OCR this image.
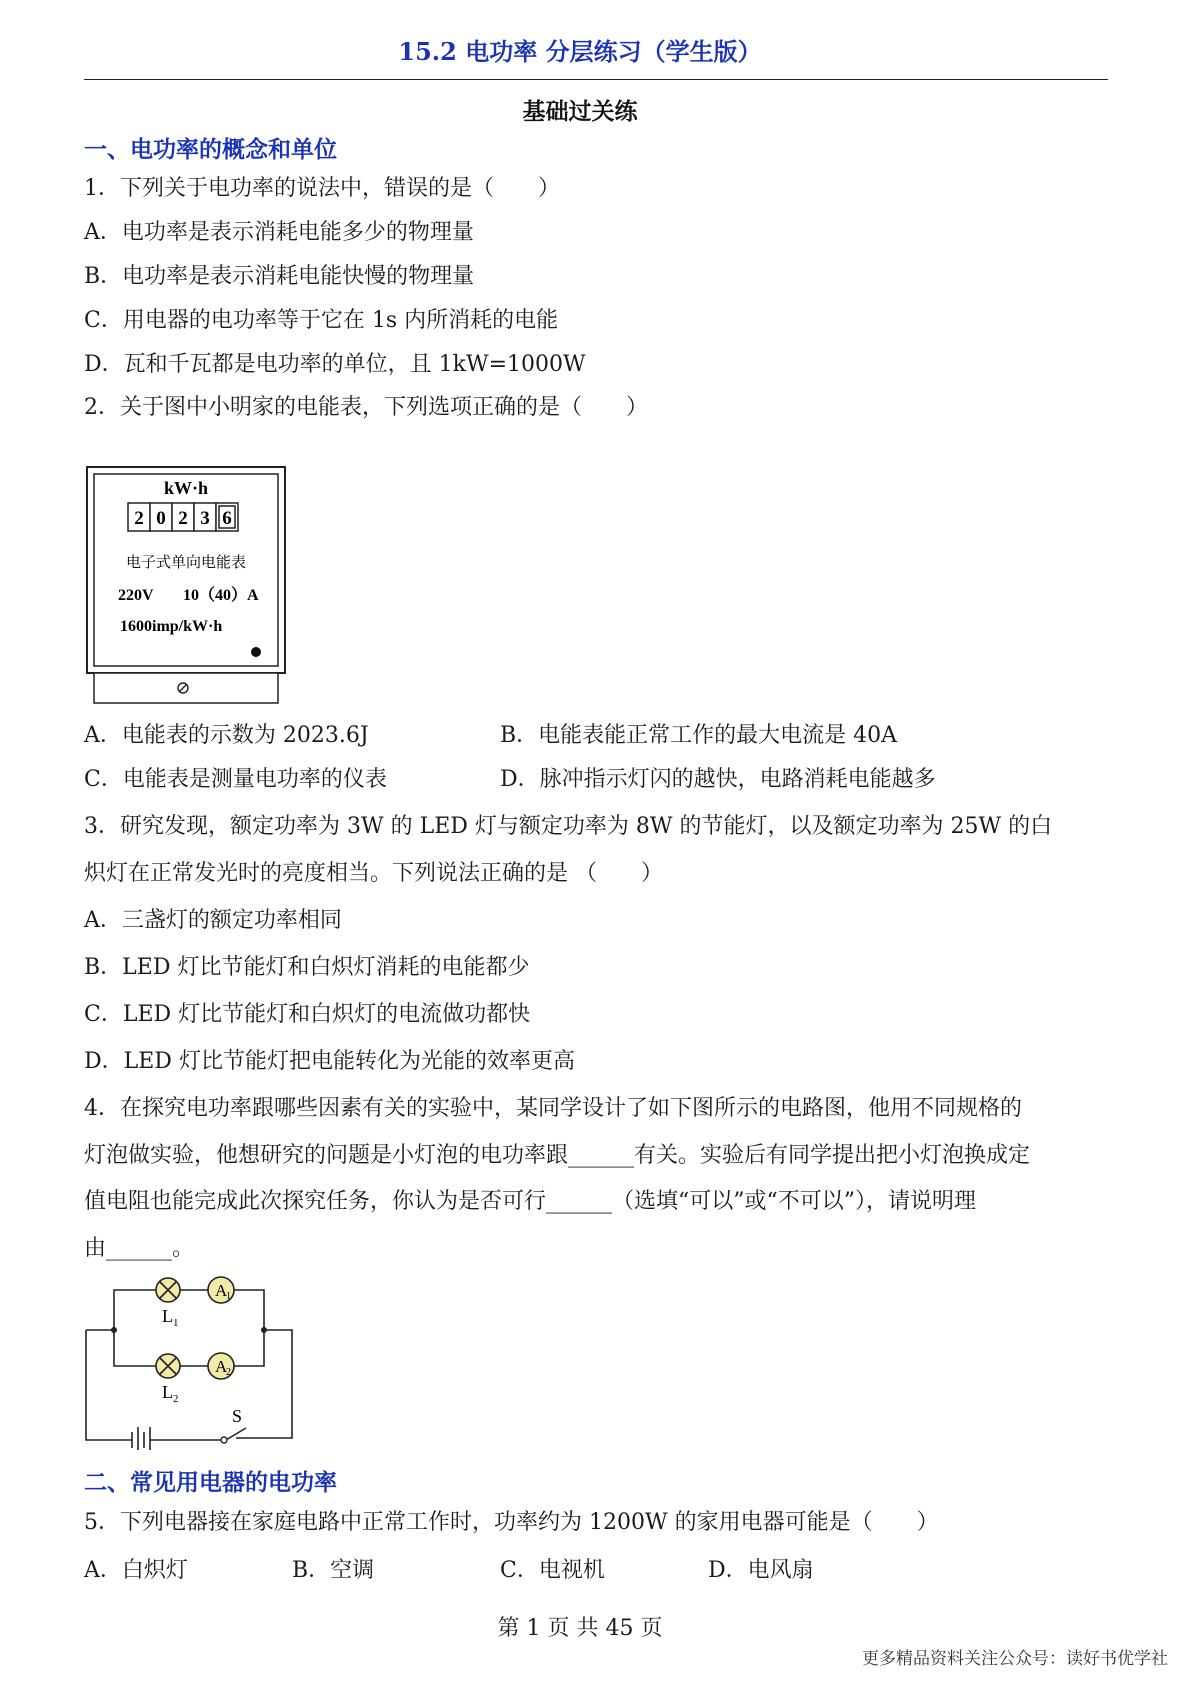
15.2 电功率 分层练习（学生版）
基础过关练
一、电功率的概念和单位
1．下列关于电功率的说法中，错误的是（　　）
A．电功率是表示消耗电能多少的物理量
B．电功率是表示消耗电能快慢的物理量
C．用电器的电功率等于它在 1s 内所消耗的电能
D．瓦和千瓦都是电功率的单位，且 1kW=1000W
2．关于图中小明家的电能表，下列选项正确的是（　　）
kW·h
2 0 2 3 6
电子式单向电能表
220V 10（40）A
1600imp/kW·h
A．电能表的示数为 2023.6J	B．电能表能正常工作的最大电流是 40A
C．电能表是测量电功率的仪表	D．脉冲指示灯闪的越快，电路消耗电能越多
3．研究发现，额定功率为 3W 的 LED 灯与额定功率为 8W 的节能灯，以及额定功率为 25W 的白
炽灯在正常发光时的亮度相当。下列说法正确的是 （　　）
A．三盏灯的额定功率相同
B．LED 灯比节能灯和白炽灯消耗的电能都少
C．LED 灯比节能灯和白炽灯的电流做功都快
D．LED 灯比节能灯把电能转化为光能的效率更高
4．在探究电功率跟哪些因素有关的实验中，某同学设计了如下图所示的电路图，他用不同规格的
灯泡做实验，他想研究的问题是小灯泡的电功率跟______有关。实验后有同学提出把小灯泡换成定
值电阻也能完成此次探究任务，你认为是否可行______（选填“可以”或“不可以”），请说明理
由______。
A
1
A
2
L 1
L 2
S
二、常见用电器的电功率
5．下列电器接在家庭电路中正常工作时，功率约为 1200W 的家用电器可能是（　　）
A．白炽灯	B．空调	C．电视机	D．电风扇
第 1 页 共 45 页
更多精品资料关注公众号：读好书优学社
